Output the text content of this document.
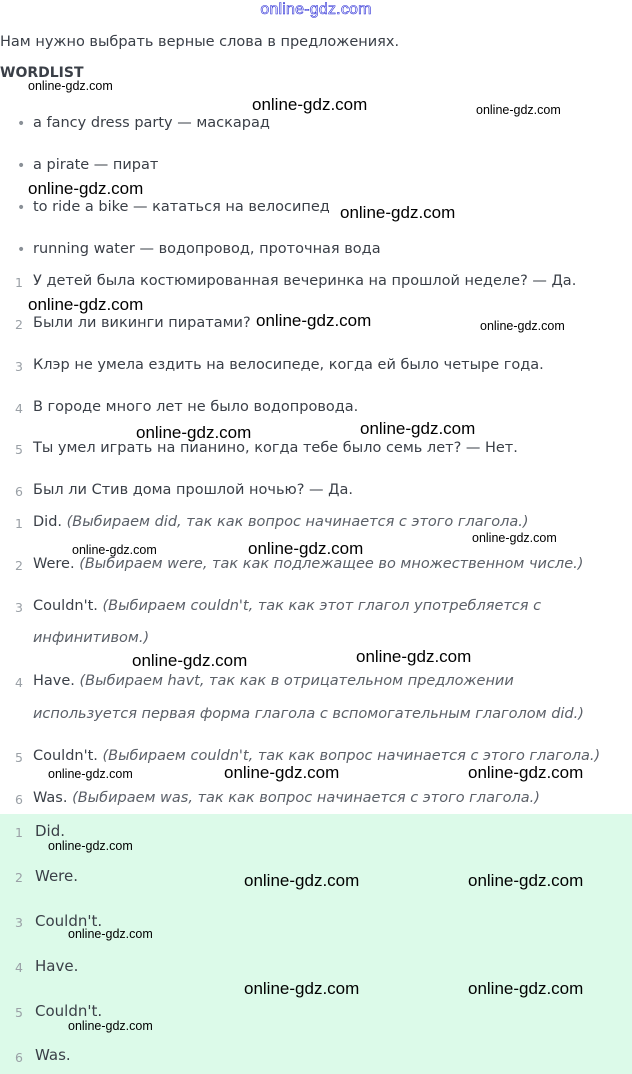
online-gdz.com
Нам нужно выбрать верные слова в предложениях.
WORDLIST
• a fancy dress party — маскарад
• a pirate — пират
• to ride a bike — кататься на велосипед
• running water — водопровод, проточная вода
1 У детей была костюмированная вечеринка на прошлой неделе? — Да.
2 Были ли викинги пиратами?
3 Клэр не умела ездить на велосипеде, когда ей было четыре года.
4 В городе много лет не было водопровода.
5 Ты умел играть на пианино, когда тебе было семь лет? — Нет.
6 Был ли Стив дома прошлой ночью? — Да.
1 Did. (Выбираем did, так как вопрос начинается с этого глагола.)
2 Were. (Выбираем were, так как подлежащее во множественном числе.)
3 Couldn't. (Выбираем couldn't, так как этот глагол употребляется с
инфинитивом.)
4 Have. (Выбираем havt, так как в отрицательном предложении
используется первая форма глагола с вспомогательным глаголом did.)
5 Couldn't. (Выбираем couldn't, так как вопрос начинается с этого глагола.)
6 Was. (Выбираем was, так как вопрос начинается с этого глагола.)
1 Did.
2 Were.
3 Couldn't.
4 Have.
5 Couldn't.
6 Was.
online-gdz.com
online-gdz.com	online-gdz.com
online-gdz.com
online-gdz.com
online-gdz.com
online-gdz.com	online-gdz.com
online-gdz.com	online-gdz.com
online-gdz.com	online-gdz.com
online-gdz.com
online-gdz.com	online-gdz.com
online-gdz.com	online-gdz.com	online-gdz.com
online-gdz.com
online-gdz.com	online-gdz.com
online-gdz.com
online-gdz.com	online-gdz.com
online-gdz.com
